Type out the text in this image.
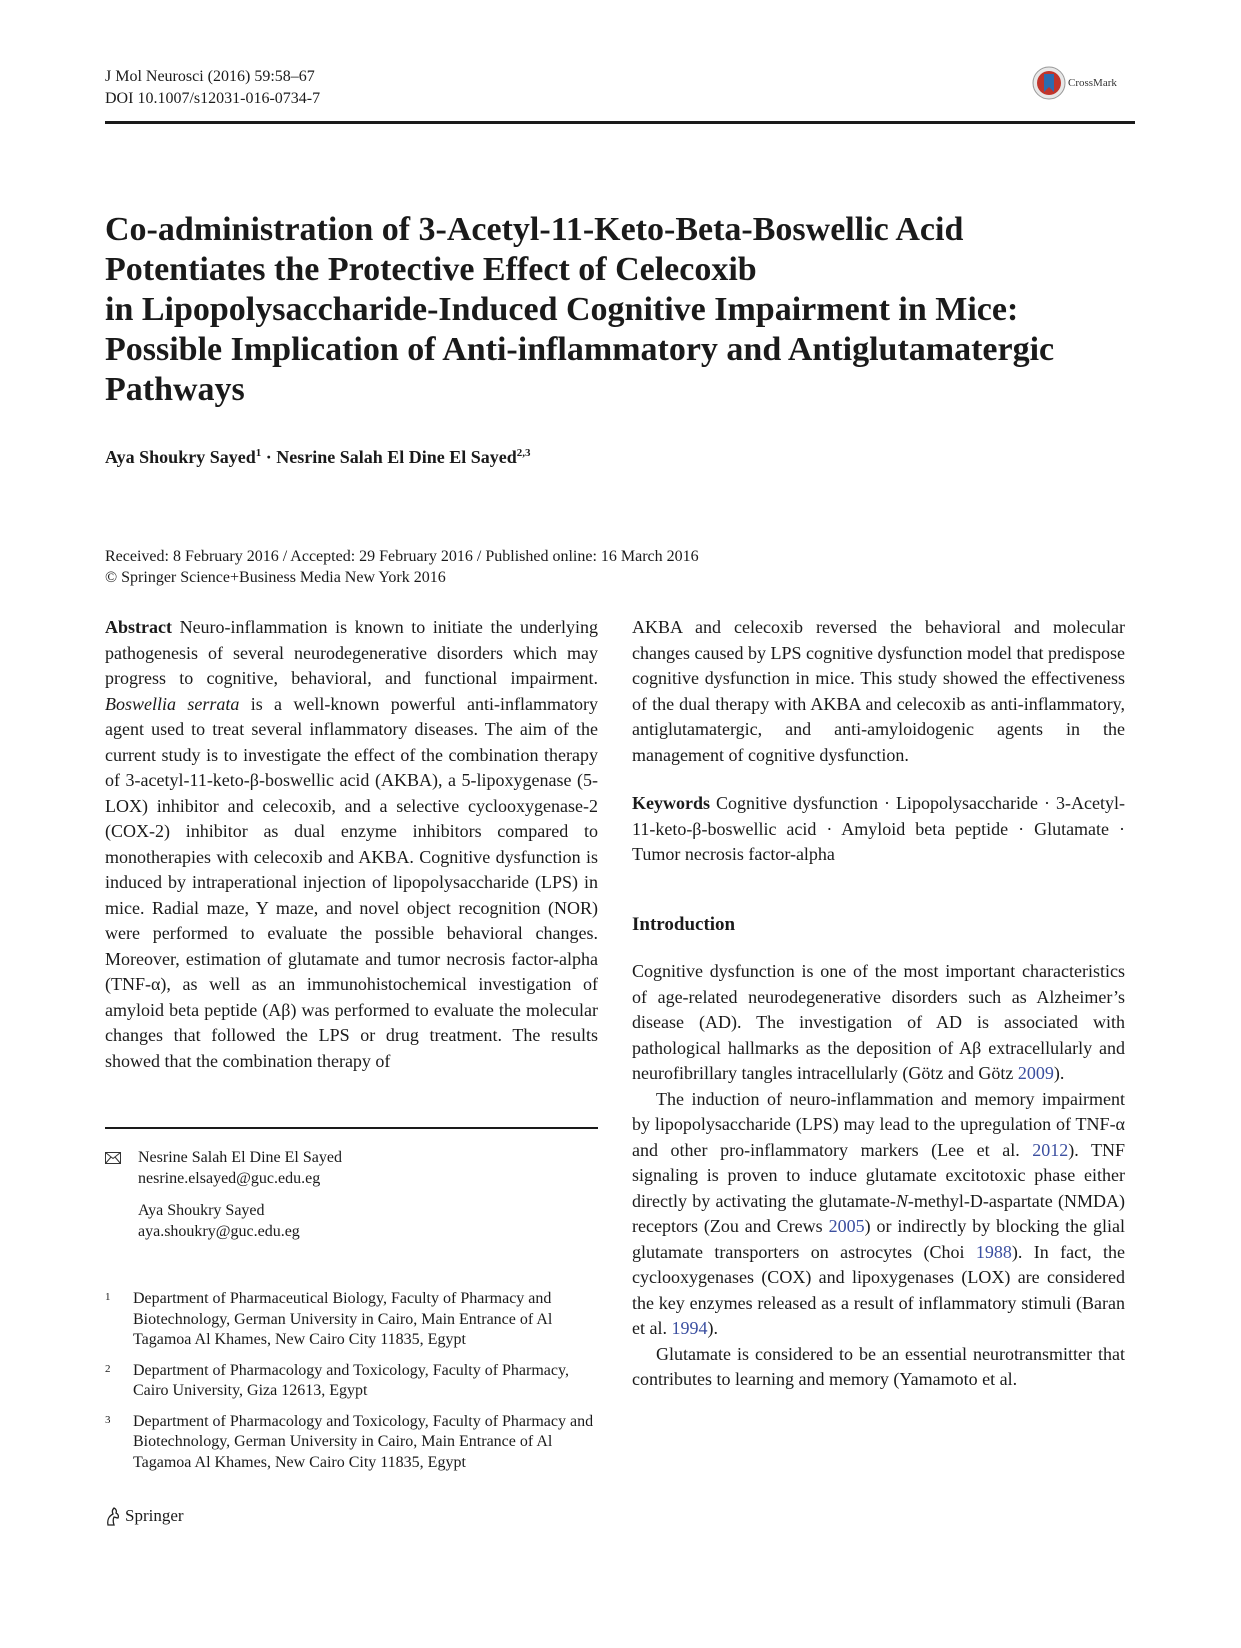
J Mol Neurosci (2016) 59:58–67
DOI 10.1007/s12031-016-0734-7
CrossMark
Co-administration of 3-Acetyl-11-Keto-Beta-Boswellic Acid
Potentiates the Protective Effect of Celecoxib
in Lipopolysaccharide-Induced Cognitive Impairment in Mice:
Possible Implication of Anti-inflammatory and Antiglutamatergic
Pathways
Aya Shoukry Sayed$^1$ · Nesrine Salah El Dine El Sayed$^{2,3}$
Received: 8 February 2016 / Accepted: 29 February 2016 / Published online: 16 March 2016
© Springer Science+Business Media New York 2016

Abstract Neuro-inflammation is known to initiate the underlying pathogenesis of several neurodegenerative disorders which may progress to cognitive, behavioral, and functional impairment. Boswellia serrata is a well-known powerful anti-inflammatory agent used to treat several inflammatory diseases. The aim of the current study is to investigate the effect of the combination therapy of 3-acetyl-11-keto-β-boswellic acid (AKBA), a 5-lipoxygenase (5-LOX) inhibitor and celecoxib, and a selective cyclooxygenase-2 (COX-2) inhibitor as dual enzyme inhibitors compared to monotherapies with celecoxib and AKBA. Cognitive dysfunction is induced by intraperational injection of lipopolysaccharide (LPS) in mice. Radial maze, Y maze, and novel object recognition (NOR) were performed to evaluate the possible behavioral changes. Moreover, estimation of glutamate and tumor necrosis factor-alpha (TNF-α), as well as an immunohistochemical investigation of amyloid beta peptide (Aβ) was performed to evaluate the molecular changes that followed the LPS or drug treatment. The results showed that the combination therapy of

AKBA and celecoxib reversed the behavioral and molecular changes caused by LPS cognitive dysfunction model that predispose cognitive dysfunction in mice. This study showed the effectiveness of the dual therapy with AKBA and celecoxib as anti-inflammatory, antiglutamatergic, and anti-amyloidogenic agents in the management of cognitive dysfunction.

Keywords Cognitive dysfunction · Lipopolysaccharide · 3-Acetyl-11-keto-β-boswellic acid · Amyloid beta peptide · Glutamate · Tumor necrosis factor-alpha

Introduction

Cognitive dysfunction is one of the most important characteristics of age-related neurodegenerative disorders such as Alzheimer’s disease (AD). The investigation of AD is associated with pathological hallmarks as the deposition of Aβ extracellularly and neurofibrillary tangles intracellularly (Götz and Götz 2009).

The induction of neuro-inflammation and memory impairment by lipopolysaccharide (LPS) may lead to the upregulation of TNF-α and other pro-inflammatory markers (Lee et al. 2012). TNF signaling is proven to induce glutamate excitotoxic phase either directly by activating the glutamate-N-methyl-D-aspartate (NMDA) receptors (Zou and Crews 2005) or indirectly by blocking the glial glutamate transporters on astrocytes (Choi 1988). In fact, the cyclooxygenases (COX) and lipoxygenases (LOX) are considered the key enzymes released as a result of inflammatory stimuli (Baran et al. 1994).

Glutamate is considered to be an essential neurotransmitter that contributes to learning and memory (Yamamoto et al.

Nesrine Salah El Dine El Sayed
nesrine.elsayed@guc.edu.eg
Aya Shoukry Sayed
aya.shoukry@guc.edu.eg
1	Department of Pharmaceutical Biology, Faculty of Pharmacy and Biotechnology, German University in Cairo, Main Entrance of Al Tagamoa Al Khames, New Cairo City 11835, Egypt
2	Department of Pharmacology and Toxicology, Faculty of Pharmacy, Cairo University, Giza 12613, Egypt
3	Department of Pharmacology and Toxicology, Faculty of Pharmacy and Biotechnology, German University in Cairo, Main Entrance of Al Tagamoa Al Khames, New Cairo City 11835, Egypt
Springer
